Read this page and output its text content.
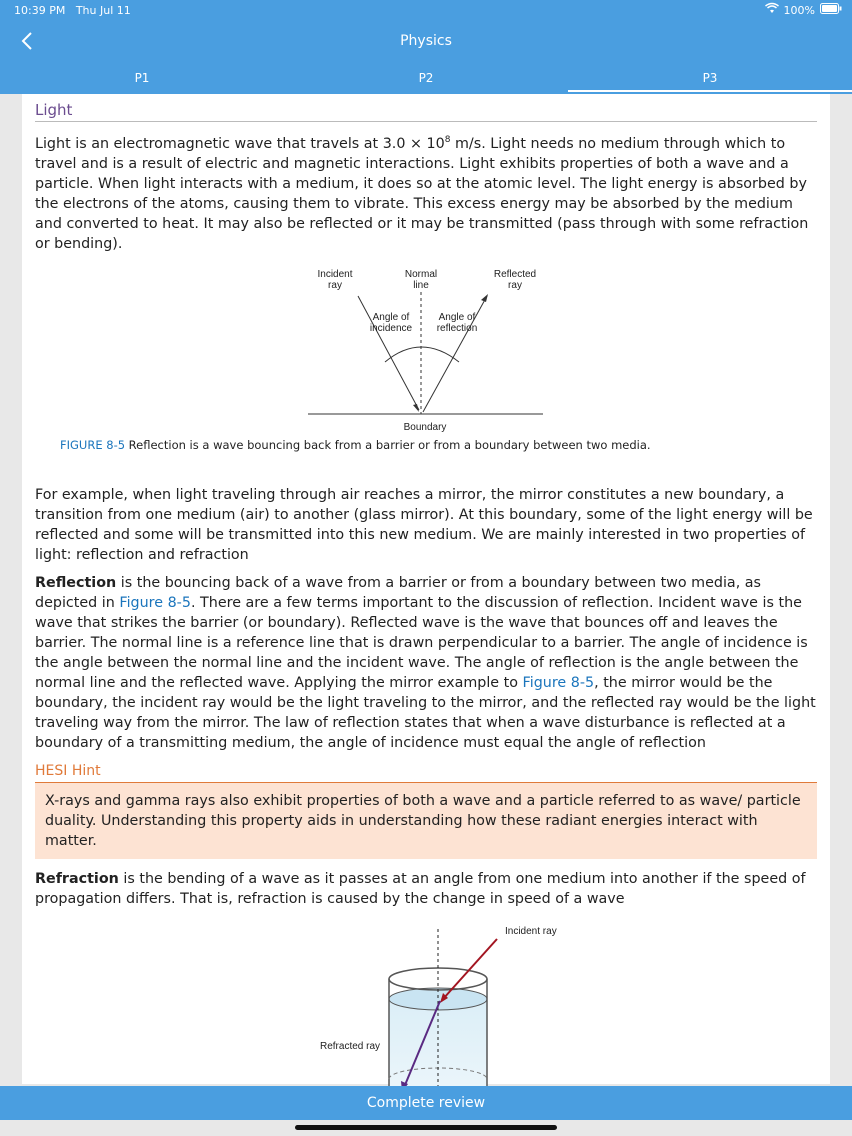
10:39 PM Thu Jul 11	100%
Physics
P1	P2	P3
Light

Light is an electromagnetic wave that travels at $3.0 \times 10^8$ m/s. Light needs no medium through which to travel and is a result of electric and magnetic interactions. Light exhibits properties of both a wave and a particle. When light interacts with a medium, it does so at the atomic level. The light energy is absorbed by the electrons of the atoms, causing them to vibrate. This excess energy may be absorbed by the medium and converted to heat. It may also be reflected or it may be transmitted (pass through with some refraction or bending).

Incident ray
Normal line
Reflected ray
Angle of incidence
Angle of reflection
Boundary
FIGURE 8-5 Reflection is a wave bouncing back from a barrier or from a boundary between two media.

For example, when light traveling through air reaches a mirror, the mirror constitutes a new boundary, a transition from one medium (air) to another (glass mirror). At this boundary, some of the light energy will be reflected and some will be transmitted into this new medium. We are mainly interested in two properties of light: reflection and refraction

Reflection is the bouncing back of a wave from a barrier or from a boundary between two media, as depicted in Figure 8-5. There are a few terms important to the discussion of reflection. Incident wave is the wave that strikes the barrier (or boundary). Reflected wave is the wave that bounces off and leaves the barrier. The normal line is a reference line that is drawn perpendicular to a barrier. The angle of incidence is the angle between the normal line and the incident wave. The angle of reflection is the angle between the normal line and the reflected wave. Applying the mirror example to Figure 8-5, the mirror would be the boundary, the incident ray would be the light traveling to the mirror, and the reflected ray would be the light traveling way from the mirror. The law of reflection states that when a wave disturbance is reflected at a boundary of a transmitting medium, the angle of incidence must equal the angle of reflection

HESI Hint
X-rays and gamma rays also exhibit properties of both a wave and a particle referred to as wave/ particle duality. Understanding this property aids in understanding how these radiant energies interact with matter.

Refraction is the bending of a wave as it passes at an angle from one medium into another if the speed of propagation differs. That is, refraction is caused by the change in speed of a wave

Incident ray
Refracted ray
Complete review
